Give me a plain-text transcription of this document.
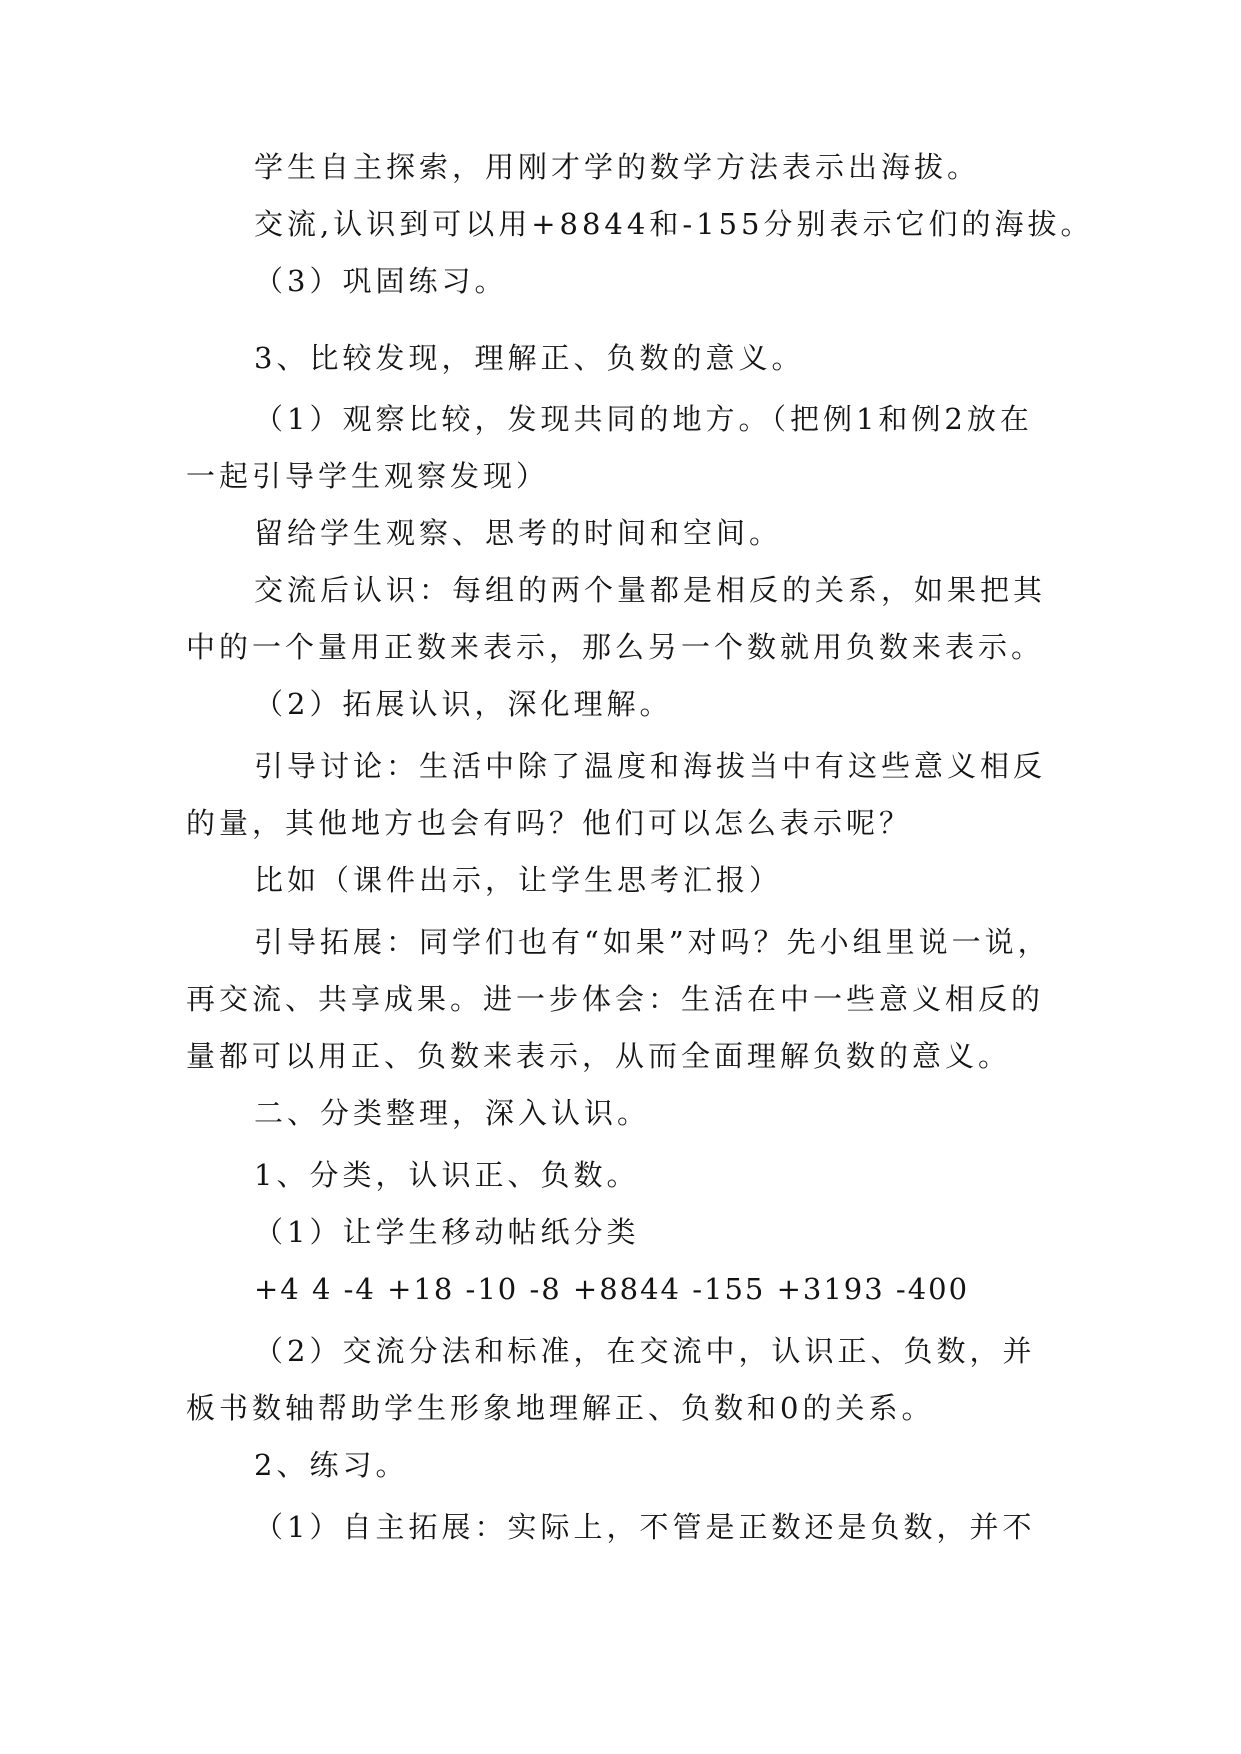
学生自主探索，用刚才学的数学方法表示出海拔。
交流,认识到可以用+8844和-155分别表示它们的海拔。
（3）巩固练习。
3、比较发现，理解正、负数的意义。
（1）观察比较，发现共同的地方。（把例1和例2放在
一起引导学生观察发现）
留给学生观察、思考的时间和空间。
交流后认识：每组的两个量都是相反的关系，如果把其
中的一个量用正数来表示，那么另一个数就用负数来表示。
（2）拓展认识，深化理解。
引导讨论：生活中除了温度和海拔当中有这些意义相反
的量，其他地方也会有吗？他们可以怎么表示呢？
比如（课件出示，让学生思考汇报）
引导拓展：同学们也有“如果”对吗？先小组里说一说，
再交流、共享成果。进一步体会：生活在中一些意义相反的
量都可以用正、负数来表示，从而全面理解负数的意义。
二、分类整理，深入认识。
1、分类，认识正、负数。
（1）让学生移动帖纸分类
+4 4 -4 +18 -10 -8 +8844 -155 +3193 -400
（2）交流分法和标准，在交流中，认识正、负数，并
板书数轴帮助学生形象地理解正、负数和0的关系。
2、练习。
（1）自主拓展：实际上，不管是正数还是负数，并不
